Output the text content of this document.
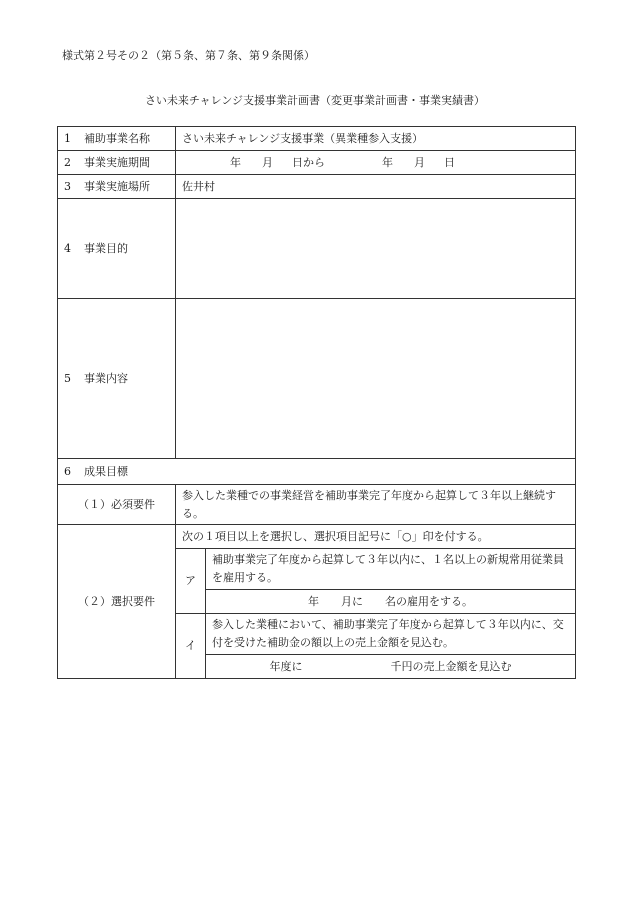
様式第２号その２（第５条、第７条、第９条関係）
さい未来チャレンジ支援事業計画書（変更事業計画書・事業実績書）
1 補助事業名称	さい未来チャレンジ支援事業（異業種参入支援）	
2 事業実施期間	年 月 日から 年 月 日	
3 事業実施場所	佐井村	
4 事業目的		
5 事業内容		
6 成果目標		
（１）必須要件	参入した業種での事業経営を補助事業完了年度から起算して３年以上継続する。	
（２）選択要件	次の１項目以上を選択し、選択項目記号に「○」印を付する。	
	ア	補助事業完了年度から起算して３年以内に、１名以上の新規常用従業員を雇用する。
		年　　月に　　名の雇用をする。
	イ	参入した業種において、補助事業完了年度から起算して３年以内に、交付を受けた補助金の額以上の売上金額を見込む。
		年度に　　　　　　　　千円の売上金額を見込む
